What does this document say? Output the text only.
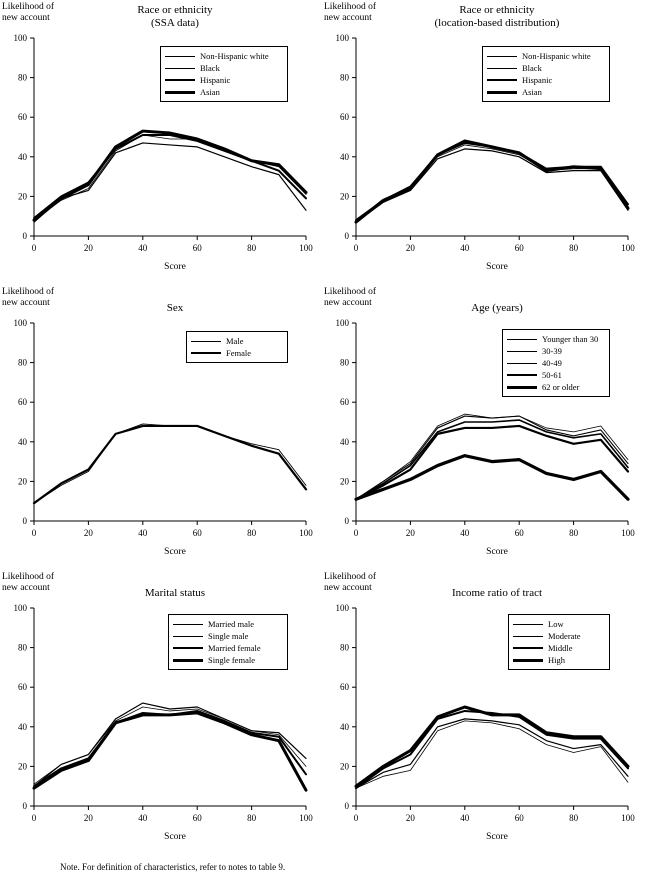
Likelihood of
new account
Race or ethnicity
(SSA data)
0
20
40
60
80
100
0	20	40	60	80	100
Non-Hispanic white
Black
Hispanic
Asian
Score
Likelihood of
new account
Race or ethnicity
(location-based distribution)
0
20
40
60
80
100
0	20	40	60	80	100
Non-Hispanic white
Black
Hispanic
Asian
Score
Likelihood of
new account	Sex
0
20
40
60
80
100
0	20	40	60	80	100
Male
Female
Score
Likelihood of
new account	Age (years)
0
20
40
60
80
100
0	20	40	60	80	100
Younger than 30
30-39
40-49
50-61
62 or older
Score
Likelihood of
new account	Marital status
0
20
40
60
80
100
0	20	40	60	80	100
Married male
Single male
Married female
Single female
Score
Likelihood of
new account	Income ratio of tract
0
20
40
60
80
100
0	20	40	60	80	100
Low
Moderate
Middle
High
Score
Note. For definition of characteristics, refer to notes to table 9.
